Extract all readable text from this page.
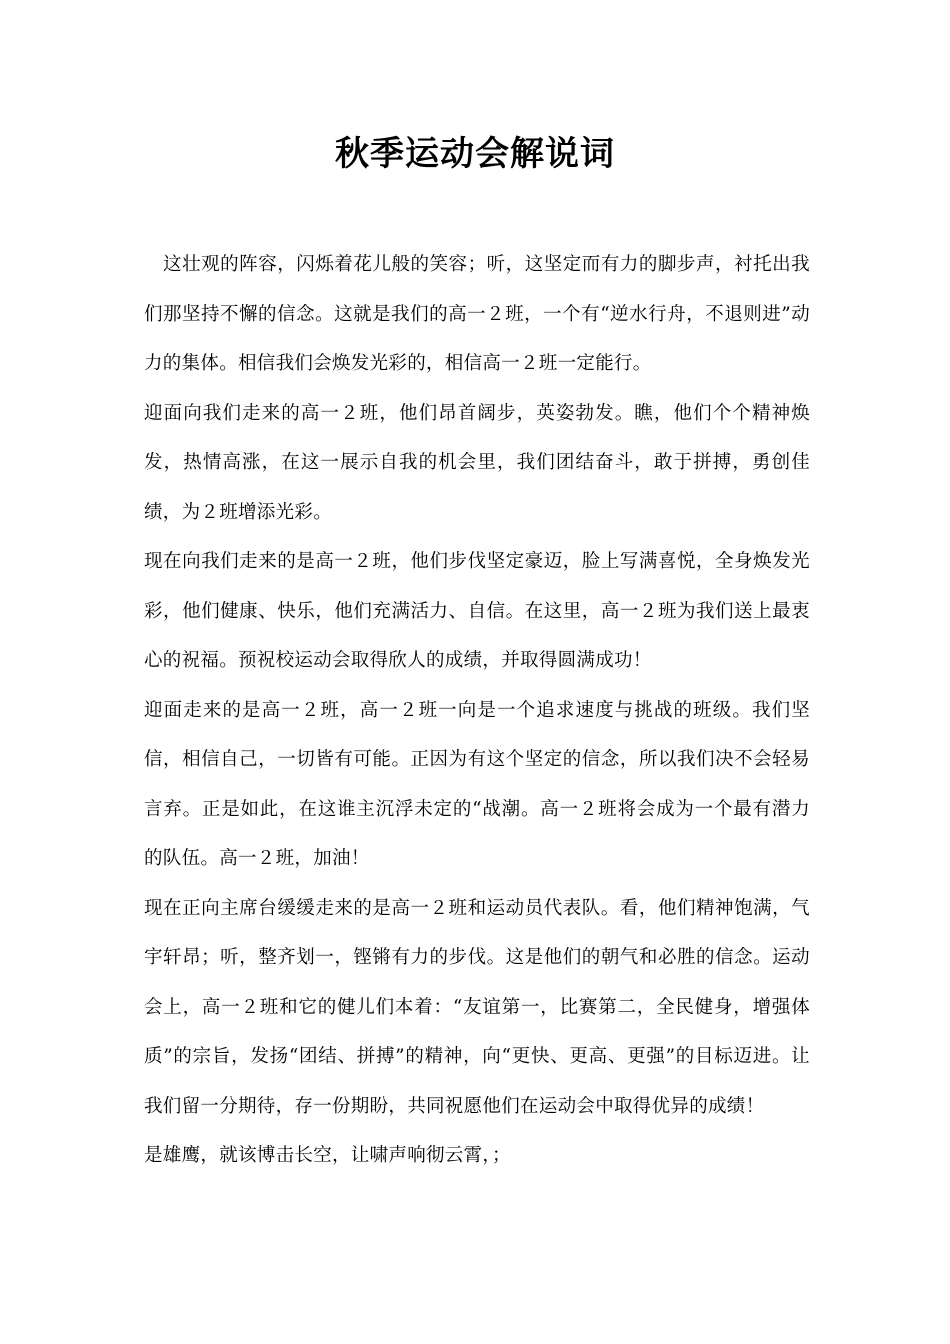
秋季运动会解说词

　这壮观的阵容，闪烁着花儿般的笑容；听，这坚定而有力的脚步声，衬托出我们那坚持不懈的信念。这就是我们的高一２班，一个有“逆水行舟，不退则进”动力的集体。相信我们会焕发光彩的，相信高一２班一定能行。

迎面向我们走来的高一２班，他们昂首阔步，英姿勃发。瞧，他们个个精神焕发，热情高涨，在这一展示自我的机会里，我们团结奋斗，敢于拼搏，勇创佳绩，为２班增添光彩。

现在向我们走来的是高一２班，他们步伐坚定豪迈，脸上写满喜悦，全身焕发光彩，他们健康、快乐，他们充满活力、自信。在这里，高一２班为我们送上最衷心的祝福。预祝校运动会取得欣人的成绩，并取得圆满成功！

迎面走来的是高一２班，高一２班一向是一个追求速度与挑战的班级。我们坚信，相信自己，一切皆有可能。正因为有这个坚定的信念，所以我们决不会轻易言弃。正是如此，在这谁主沉浮未定的“战潮。高一２班将会成为一个最有潜力的队伍。高一２班，加油！

现在正向主席台缓缓走来的是高一２班和运动员代表队。看，他们精神饱满，气宇轩昂；听，整齐划一，铿锵有力的步伐。这是他们的朝气和必胜的信念。运动会上，高一２班和它的健儿们本着：“友谊第一，比赛第二，全民健身，增强体质”的宗旨，发扬“团结、拼搏”的精神，向“更快、更高、更强”的目标迈进。让我们留一分期待，存一份期盼，共同祝愿他们在运动会中取得优异的成绩！

是雄鹰，就该博击长空，让啸声响彻云霄，；
